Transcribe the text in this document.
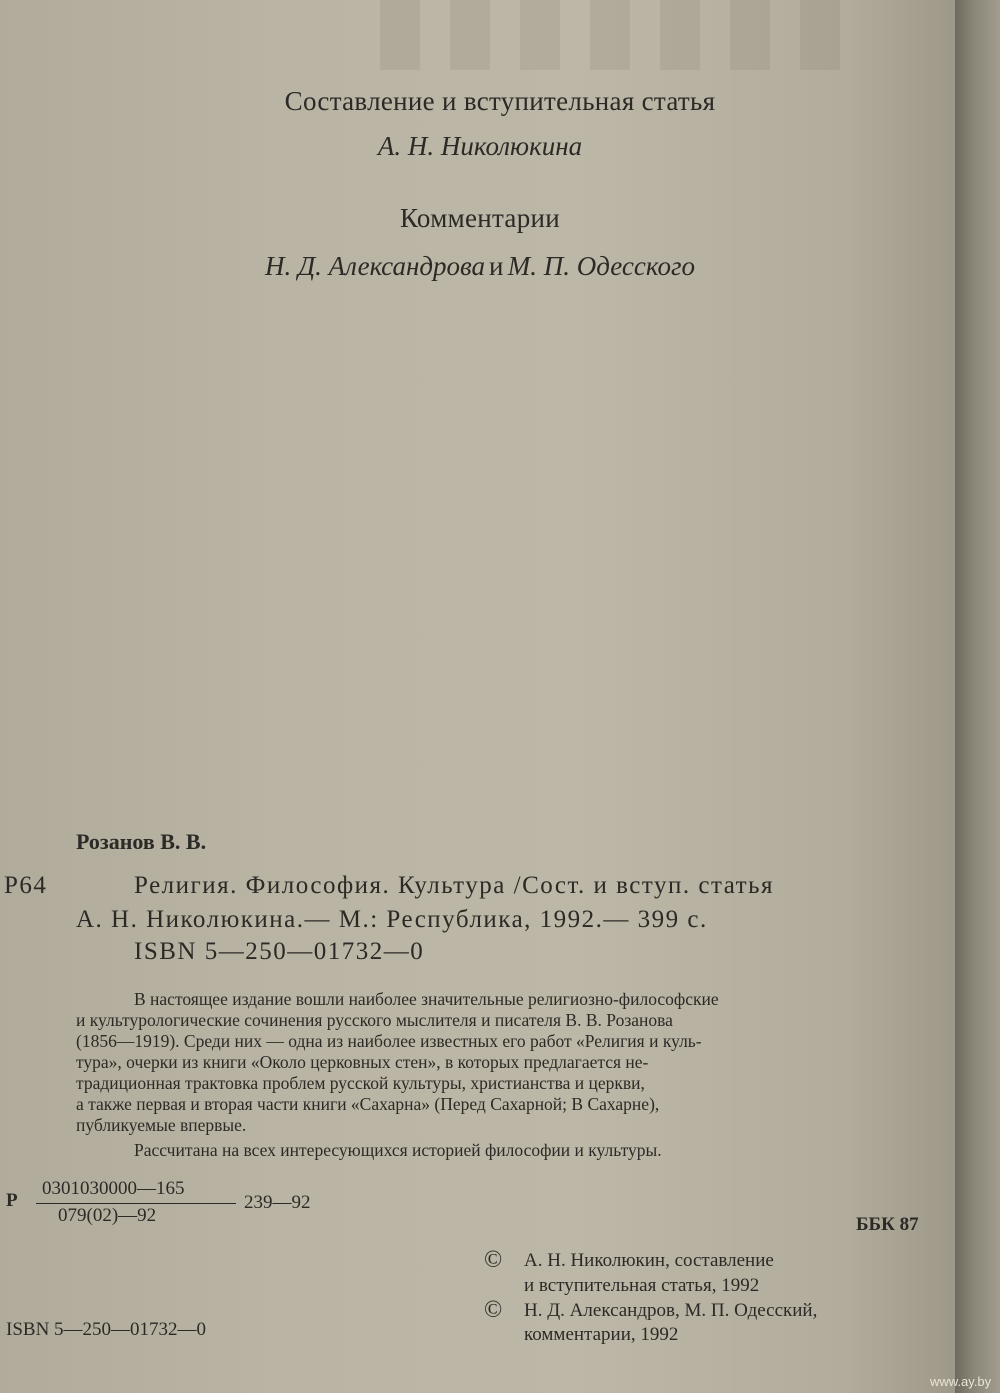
Составление и вступительная статья
А. Н. Николюкина
Комментарии
Н. Д. Александрова и М. П. Одесского
Розанов В. В.
Р64	Религия. Философия. Культура /Сост. и вступ. статья
А. Н. Николюкина.— М.: Республика, 1992.— 399 с.
ISBN 5—250—01732—0
В настоящее издание вошли наиболее значительные религиозно-философские
и культурологические сочинения русского мыслителя и писателя В. В. Розанова
(1856—1919). Среди них — одна из наиболее известных его работ «Религия и куль-
тура», очерки из книги «Около церковных стен», в которых предлагается не-
традиционная трактовка проблем русской культуры, христианства и церкви,
а также первая и вторая части книги «Сахарна» (Перед Сахарной; В Сахарне),
публикуемые впервые.
Рассчитана на всех интересующихся историей философии и культуры.
Р
0301030000—165
079(02)—92
239—92
ББК 87
© А. Н. Николюкин, составление
и вступительная статья, 1992
© Н. Д. Александров, М. П. Одесский,
комментарии, 1992
ISBN 5—250—01732—0
www.ay.by
